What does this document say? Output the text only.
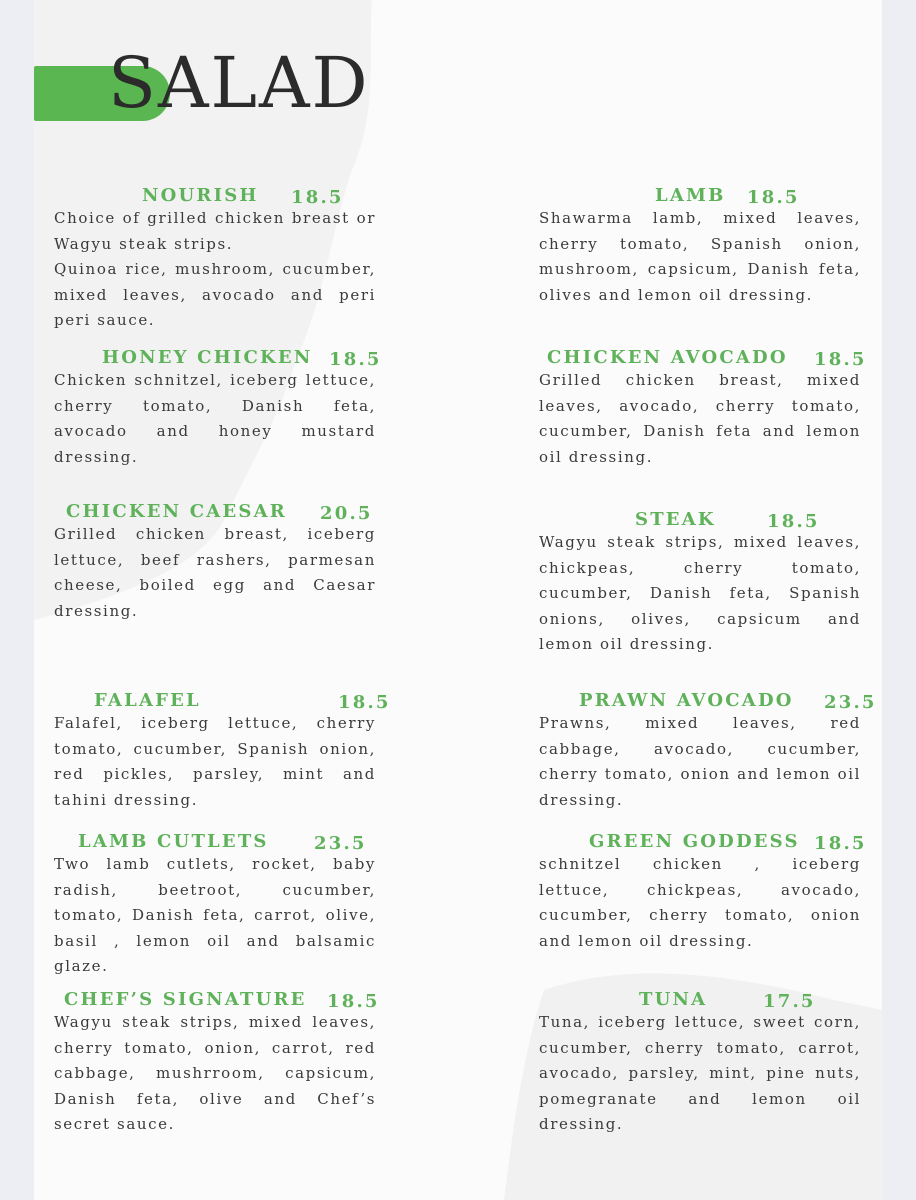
SALAD
NOURISH 18.5

Choice of grilled chicken breast or Wagyu steak strips.
Quinoa rice, mushroom, cucumber, mixed leaves, avocado and peri peri sauce.

LAMB 18.5

Shawarma lamb, mixed leaves, cherry tomato, Spanish onion, mushroom, capsicum, Danish feta, olives and lemon oil dressing.

HONEY CHICKEN 18.5

Chicken schnitzel, iceberg lettuce, cherry tomato, Danish feta, avocado and honey mustard dressing.

CHICKEN AVOCADO 18.5

Grilled chicken breast, mixed leaves, avocado, cherry tomato, cucumber, Danish feta and lemon oil dressing.

CHICKEN CAESAR 20.5

Grilled chicken breast, iceberg lettuce, beef rashers, parmesan cheese, boiled egg and Caesar dressing.

STEAK	18.5

Wagyu steak strips, mixed leaves, chickpeas, cherry tomato, cucumber, Danish feta, Spanish onions, olives, capsicum and lemon oil dressing.

FALAFEL	18.5

Falafel, iceberg lettuce, cherry tomato, cucumber, Spanish onion, red pickles, parsley, mint and tahini dressing.

PRAWN AVOCADO 23.5

Prawns, mixed leaves, red cabbage, avocado, cucumber, cherry tomato, onion and lemon oil dressing.

LAMB CUTLETS	23.5

Two lamb cutlets, rocket, baby radish, beetroot, cucumber, tomato, Danish feta, carrot, olive, basil , lemon oil and balsamic glaze.

GREEN GODDESS 18.5

schnitzel chicken , iceberg lettuce, chickpeas, avocado, cucumber, cherry tomato, onion and lemon oil dressing.

CHEF’S SIGNATURE 18.5

Wagyu steak strips, mixed leaves, cherry tomato, onion, carrot, red cabbage, mushrroom, capsicum, Danish feta, olive and Chef’s secret sauce.

TUNA	17.5

Tuna, iceberg lettuce, sweet corn, cucumber, cherry tomato, carrot, avocado, parsley, mint, pine nuts, pomegranate and lemon oil dressing.
